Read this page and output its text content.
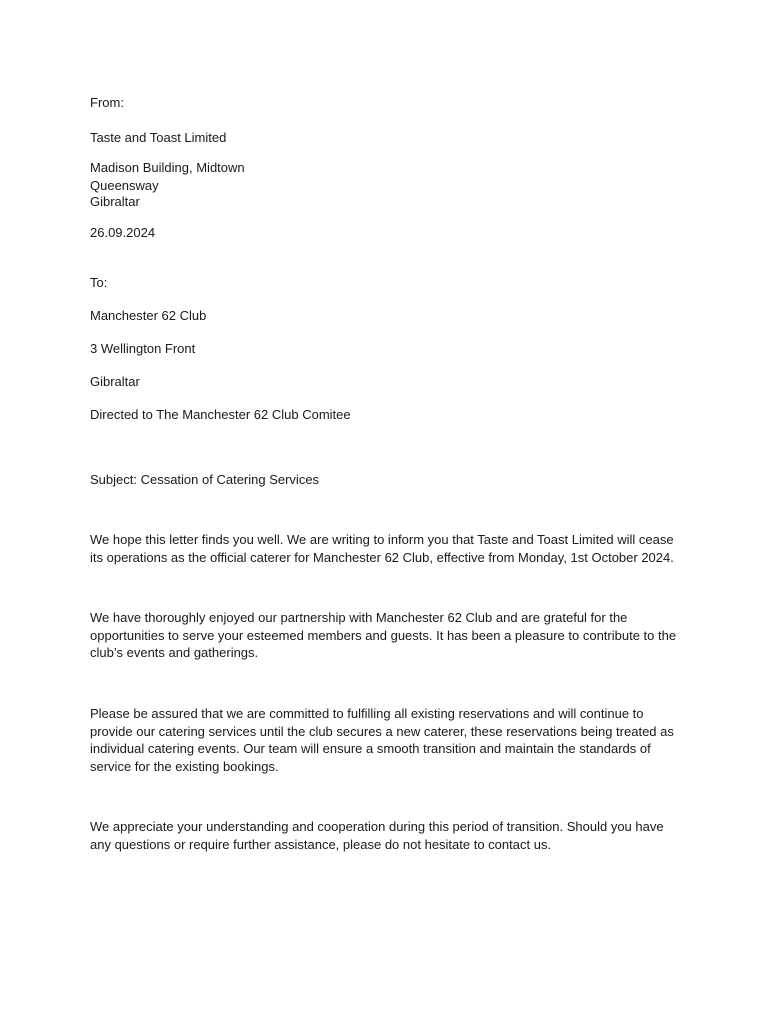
From:
Taste and Toast Limited
Madison Building, Midtown
Queensway
Gibraltar
26.09.2024
To:
Manchester 62 Club
3 Wellington Front
Gibraltar
Directed to The Manchester 62 Club Comitee
Subject: Cessation of Catering Services
We hope this letter finds you well. We are writing to inform you that Taste and Toast Limited will cease
its operations as the official caterer for Manchester 62 Club, effective from Monday, 1st October 2024.
We have thoroughly enjoyed our partnership with Manchester 62 Club and are grateful for the
opportunities to serve your esteemed members and guests. It has been a pleasure to contribute to the
club’s events and gatherings.
Please be assured that we are committed to fulfilling all existing reservations and will continue to
provide our catering services until the club secures a new caterer, these reservations being treated as
individual catering events. Our team will ensure a smooth transition and maintain the standards of
service for the existing bookings.
We appreciate your understanding and cooperation during this period of transition. Should you have
any questions or require further assistance, please do not hesitate to contact us.
